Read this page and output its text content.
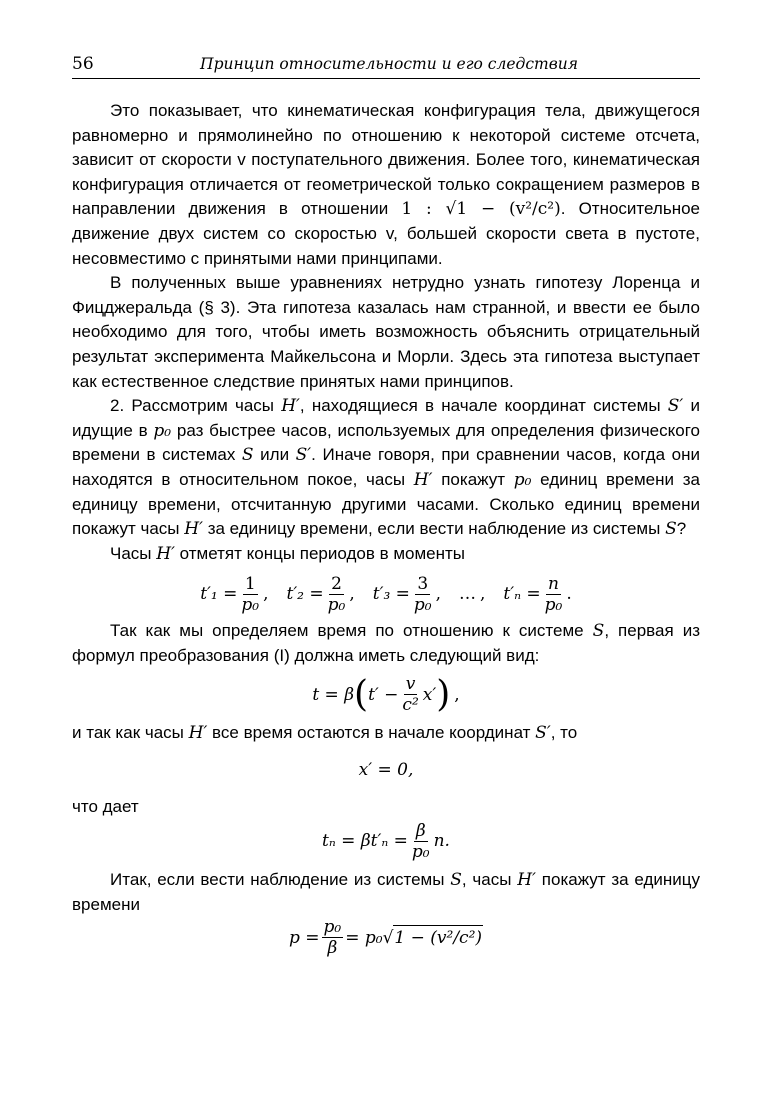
56	Принцип относительности и его следствия

Это показывает, что кинематическая конфигурация тела, движущегося равномерно и прямолинейно по отношению к некоторой системе отсчета, зависит от скорости v поступательного движения. Более того, кинематическая конфигурация отличается от геометрической только сокращением размеров в направлении движения в отношении 1 : √1 − (v²/c²). Относительное движение двух систем со скоростью v, большей скорости света в пустоте, несовместимо с принятыми нами принципами.

В полученных выше уравнениях нетрудно узнать гипотезу Лоренца и Фицджеральда (§ 3). Эта гипотеза казалась нам странной, и ввести ее было необходимо для того, чтобы иметь возможность объяснить отрицательный результат эксперимента Майкельсона и Морли. Здесь эта гипотеза выступает как естественное следствие принятых нами принципов.

2. Рассмотрим часы H′, находящиеся в начале координат системы S′ и идущие в p₀ раз быстрее часов, используемых для определения физического времени в системах S или S′. Иначе говоря, при сравнении часов, когда они находятся в относительном покое, часы H′ покажут p₀ единиц времени за единицу времени, отсчитанную другими часами. Сколько единиц времени покажут часы H′ за единицу времени, если вести наблюдение из системы S?

Часы H′ отметят концы периодов в моменты

$t'_1 = \frac{1}{\text{p₀}}$ , $t'_2 = \frac{2}{\text{p₀}}$ , $t'_3 = \frac{3}{\text{p₀}}$ , … , $t'_n = \frac{n}{\text{p₀}}$ .

Так как мы определяем время по отношению к системе S, первая из формул преобразования (I) должна иметь следующий вид:

t = β ( $t' - \frac{v}{\text{c²}} x'$ ) ,

и так как часы H′ все время остаются в начале координат S′, то

x′ = 0,

что дает

$t_n = \beta t'_n = \frac{\beta}{\text{p₀}} n$.

Итак, если вести наблюдение из системы S, часы H′ покажут за единицу времени

$p = \frac{\text{p₀}}{\beta} = p_0$ √ 1 − (v²/c²)
